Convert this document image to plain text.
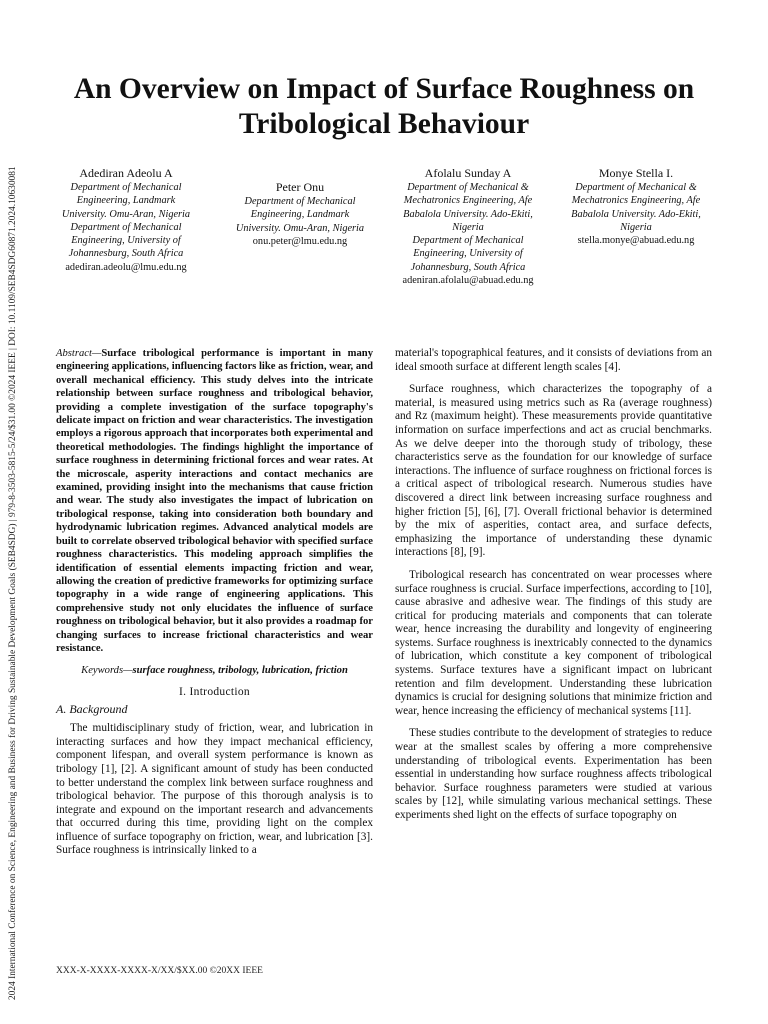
2024 International Conference on Science, Engineering and Business for Driving Sustainable Development Goals (SEB4SDG) | 979-8-3503-5815-5/24/$31.00 ©2024 IEEE | DOI: 10.1109/SEB4SDG60871.2024.10630081
An Overview on Impact of Surface Roughness on Tribological Behaviour
Adediran Adeolu A
Department of Mechanical Engineering, Landmark University. Omu-Aran, Nigeria
Department of Mechanical Engineering, University of Johannesburg, South Africa
adediran.adeolu@lmu.edu.ng
Peter Onu
Department of Mechanical Engineering, Landmark University. Omu-Aran, Nigeria
onu.peter@lmu.edu.ng
Afolalu Sunday A
Department of Mechanical & Mechatronics Engineering, Afe Babalola University. Ado-Ekiti, Nigeria
Department of Mechanical Engineering, University of Johannesburg, South Africa
adeniran.afolalu@abuad.edu.ng
Monye Stella I.
Department of Mechanical & Mechatronics Engineering, Afe Babalola University. Ado-Ekiti, Nigeria
stella.monye@abuad.edu.ng

Abstract—Surface tribological performance is important in many engineering applications, influencing factors like as friction, wear, and overall mechanical efficiency. This study delves into the intricate relationship between surface roughness and tribological behavior, providing a complete investigation of the surface topography's delicate impact on friction and wear characteristics. The investigation employs a rigorous approach that incorporates both experimental and theoretical methodologies. The findings highlight the importance of surface roughness in determining frictional forces and wear rates. At the microscale, asperity interactions and contact mechanics are examined, providing insight into the mechanisms that cause friction and wear. The study also investigates the impact of lubrication on tribological response, taking into consideration both boundary and hydrodynamic lubrication regimes. Advanced analytical models are built to correlate observed tribological behavior with specified surface roughness characteristics. This modeling approach simplifies the identification of essential elements impacting friction and wear, allowing the creation of predictive frameworks for optimizing surface topography in a wide range of engineering applications. This comprehensive study not only elucidates the influence of surface roughness on tribological behavior, but it also provides a roadmap for changing surfaces to increase frictional characteristics and wear resistance.

Keywords—surface roughness, tribology, lubrication, friction

I. Introduction

A. Background

The multidisciplinary study of friction, wear, and lubrication in interacting surfaces and how they impact mechanical efficiency, component lifespan, and overall system performance is known as tribology [1], [2]. A significant amount of study has been conducted to better understand the complex link between surface roughness and tribological behavior. The purpose of this thorough analysis is to integrate and expound on the important research and advancements that occurred during this time, providing light on the complex influence of surface topography on friction, wear, and lubrication [3]. Surface roughness is intrinsically linked to a

material's topographical features, and it consists of deviations from an ideal smooth surface at different length scales [4].

Surface roughness, which characterizes the topography of a material, is measured using metrics such as Ra (average roughness) and Rz (maximum height). These measurements provide quantitative information on surface imperfections and act as crucial benchmarks. As we delve deeper into the thorough study of tribology, these characteristics serve as the foundation for our knowledge of surface interactions. The influence of surface roughness on frictional forces is a critical aspect of tribological research. Numerous studies have discovered a direct link between increasing surface roughness and higher friction [5], [6], [7]. Overall frictional behavior is determined by the mix of asperities, contact area, and surface defects, emphasizing the importance of understanding these dynamic interactions [8], [9].

Tribological research has concentrated on wear processes where surface roughness is crucial. Surface imperfections, according to [10], cause abrasive and adhesive wear. The findings of this study are critical for producing materials and components that can tolerate wear, hence increasing the durability and longevity of engineering systems. Surface roughness is inextricably connected to the dynamics of lubrication, which constitute a key component of tribological systems. Surface textures have a significant impact on lubricant retention and film development. Understanding these lubrication dynamics is crucial for designing solutions that minimize friction and wear, hence increasing the efficiency of mechanical systems [11].

These studies contribute to the development of strategies to reduce wear at the smallest scales by offering a more comprehensive understanding of tribological events. Experimentation has been essential in understanding how surface roughness affects tribological behavior. Surface roughness parameters were studied at various scales by [12], while simulating various mechanical settings. These experiments shed light on the effects of surface topography on

XXX-X-XXXX-XXXX-X/XX/$XX.00 ©20XX IEEE
